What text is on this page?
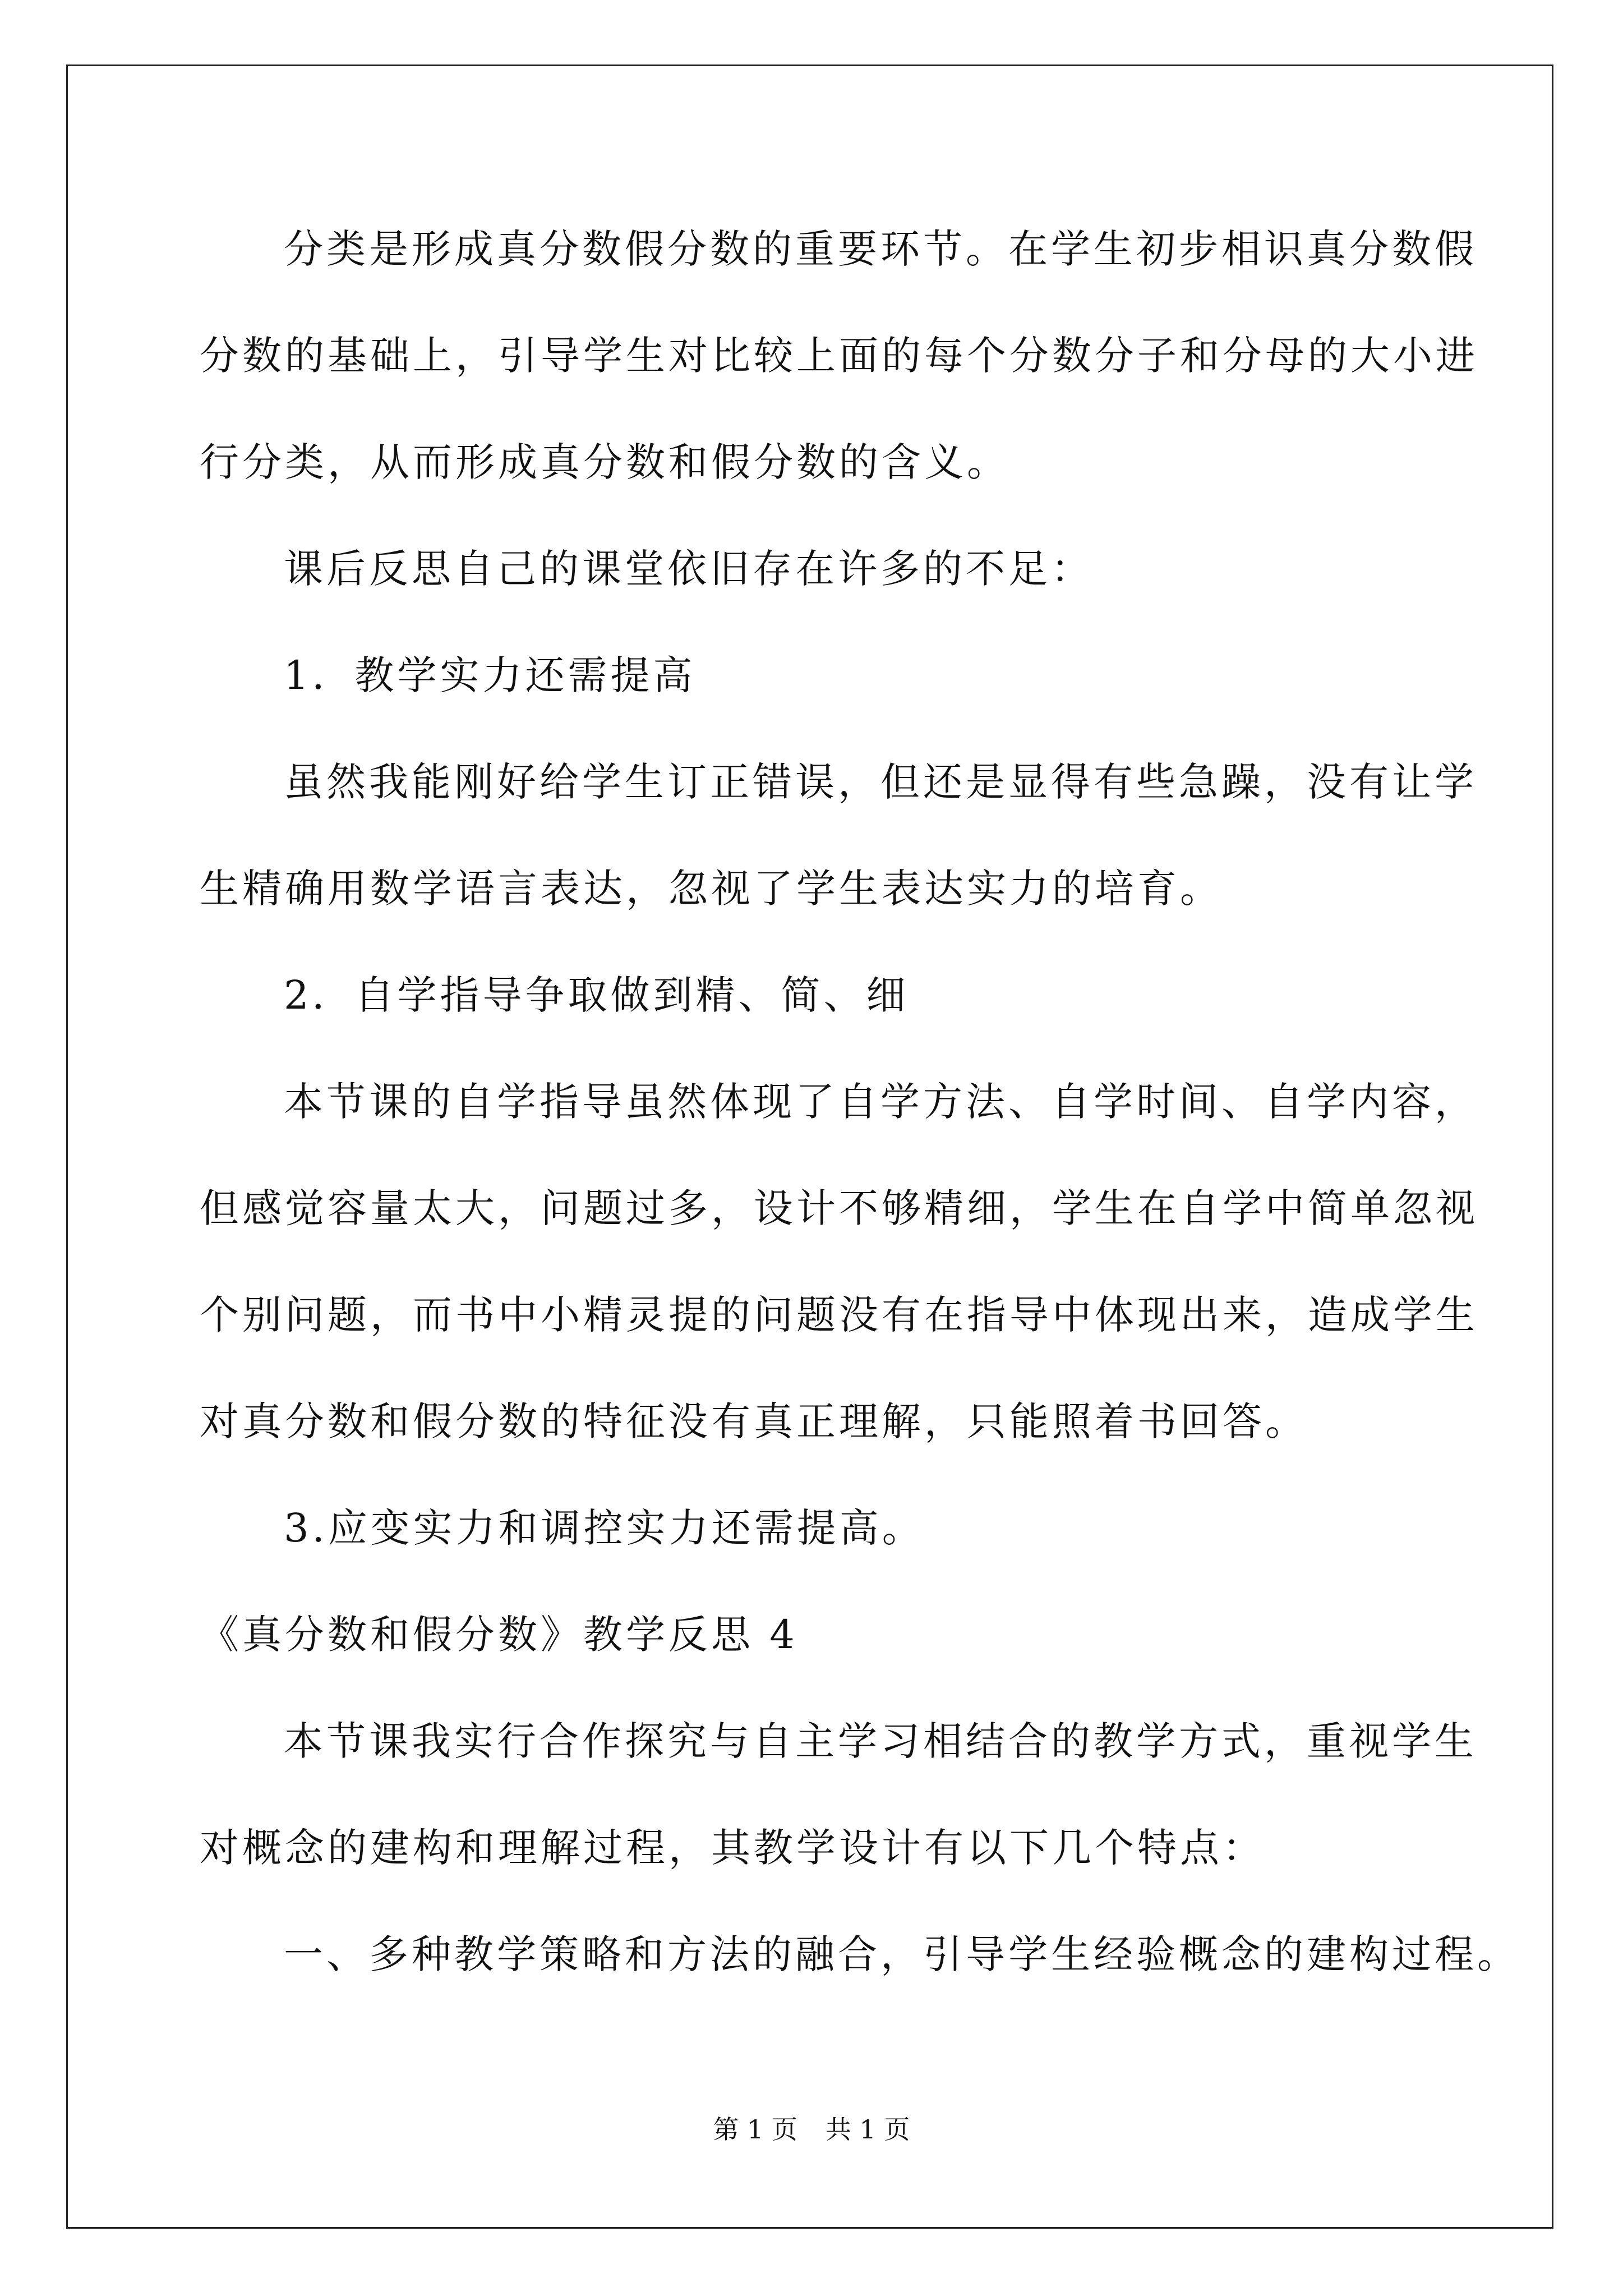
分类是形成真分数假分数的重要环节。在学生初步相识真分数假
分数的基础上，引导学生对比较上面的每个分数分子和分母的大小进
行分类，从而形成真分数和假分数的含义。
课后反思自己的课堂依旧存在许多的不足：
1．教学实力还需提高
虽然我能刚好给学生订正错误，但还是显得有些急躁，没有让学
生精确用数学语言表达，忽视了学生表达实力的培育。
2．自学指导争取做到精、简、细
本节课的自学指导虽然体现了自学方法、自学时间、自学内容，
但感觉容量太大，问题过多，设计不够精细，学生在自学中简单忽视
个别问题，而书中小精灵提的问题没有在指导中体现出来，造成学生
对真分数和假分数的特征没有真正理解，只能照着书回答。
3.应变实力和调控实力还需提高。
《真分数和假分数》教学反思 4
本节课我实行合作探究与自主学习相结合的教学方式，重视学生
对概念的建构和理解过程，其教学设计有以下几个特点：
一、多种教学策略和方法的融合，引导学生经验概念的建构过程。
第 1 页 共 1 页
